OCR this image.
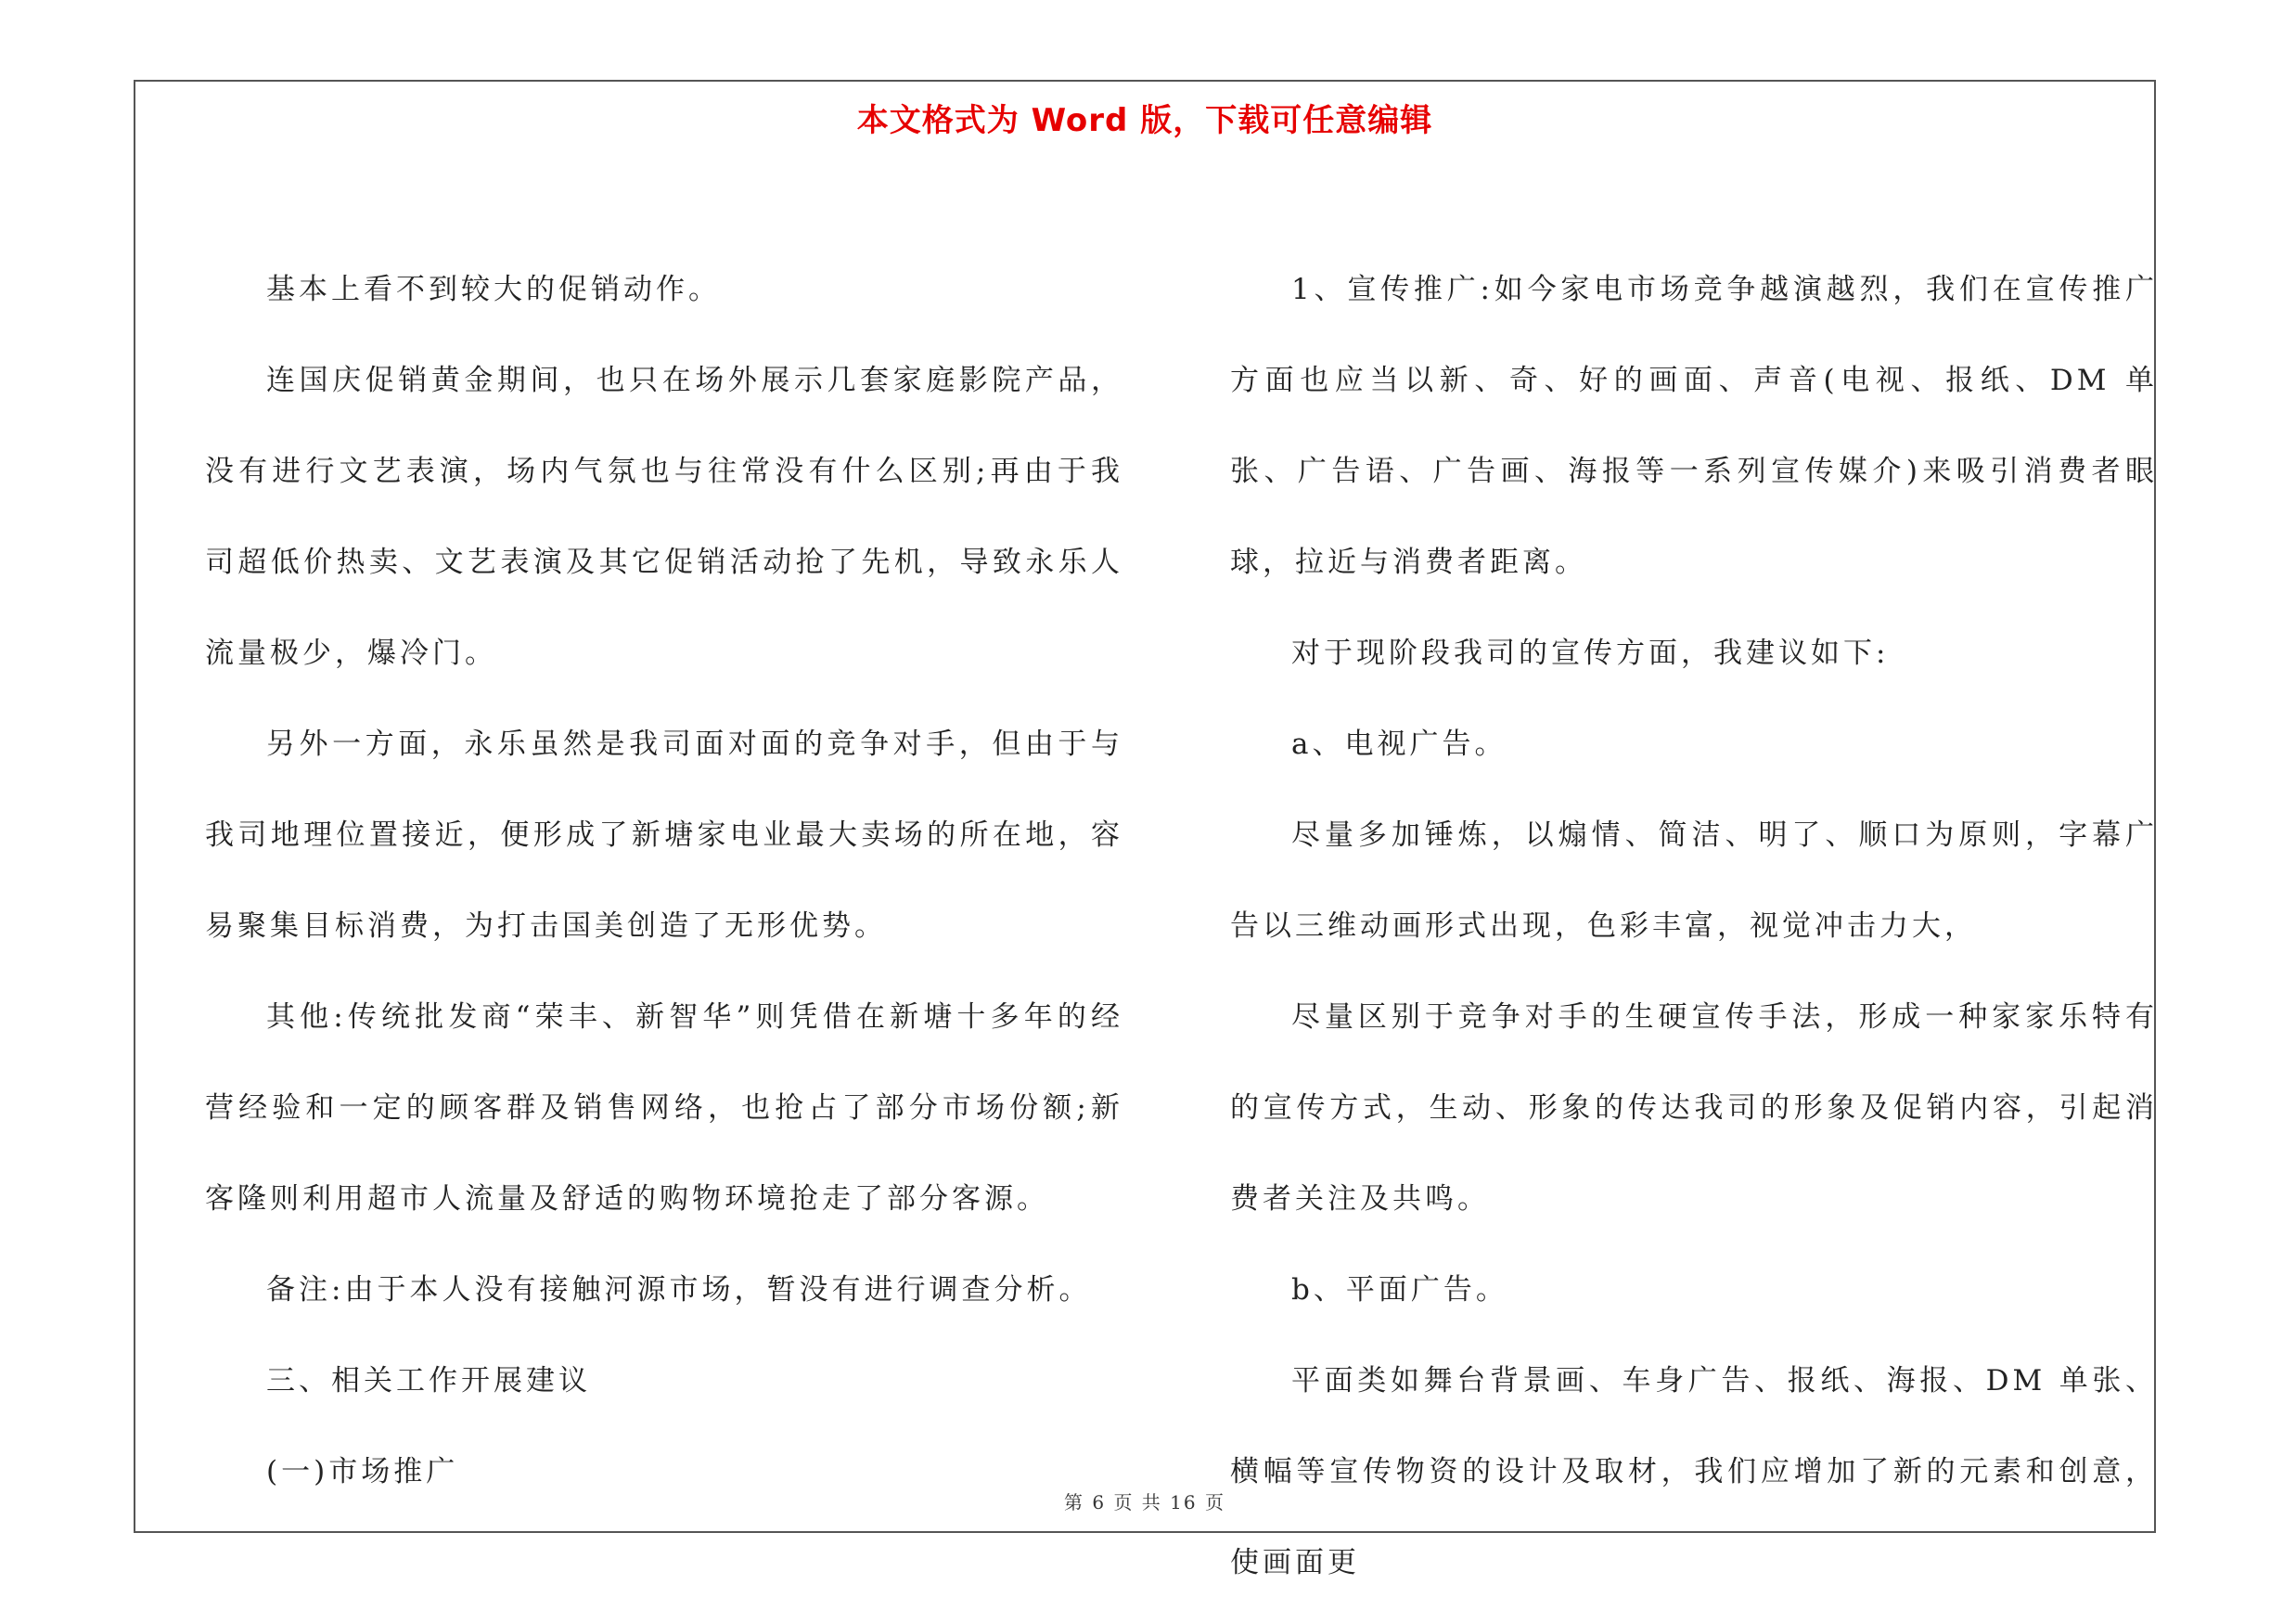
本文格式为 Word 版，下载可任意编辑

基本上看不到较大的促销动作。

连国庆促销黄金期间，也只在场外展示几套家庭影院产品，没有进行文艺表演，场内气氛也与往常没有什么区别;再由于我司超低价热卖、文艺表演及其它促销活动抢了先机，导致永乐人流量极少，爆冷门。

另外一方面，永乐虽然是我司面对面的竞争对手，但由于与我司地理位置接近，便形成了新塘家电业最大卖场的所在地，容易聚集目标消费，为打击国美创造了无形优势。

其他:传统批发商“荣丰、新智华”则凭借在新塘十多年的经营经验和一定的顾客群及销售网络，也抢占了部分市场份额;新客隆则利用超市人流量及舒适的购物环境抢走了部分客源。

备注:由于本人没有接触河源市场，暂没有进行调查分析。

三、相关工作开展建议

(一)市场推广

1、宣传推广:如今家电市场竞争越演越烈，我们在宣传推广方面也应当以新、奇、好的画面、声音(电视、报纸、DM 单张、广告语、广告画、海报等一系列宣传媒介)来吸引消费者眼球，拉近与消费者距离。

对于现阶段我司的宣传方面，我建议如下:

a、电视广告。

尽量多加锤炼，以煽情、简洁、明了、顺口为原则，字幕广告以三维动画形式出现，色彩丰富，视觉冲击力大，

尽量区别于竞争对手的生硬宣传手法，形成一种家家乐特有的宣传方式，生动、形象的传达我司的形象及促销内容，引起消费者关注及共鸣。

b、平面广告。

平面类如舞台背景画、车身广告、报纸、海报、DM 单张、横幅等宣传物资的设计及取材，我们应增加了新的元素和创意，使画面更

第 6 页 共 16 页
